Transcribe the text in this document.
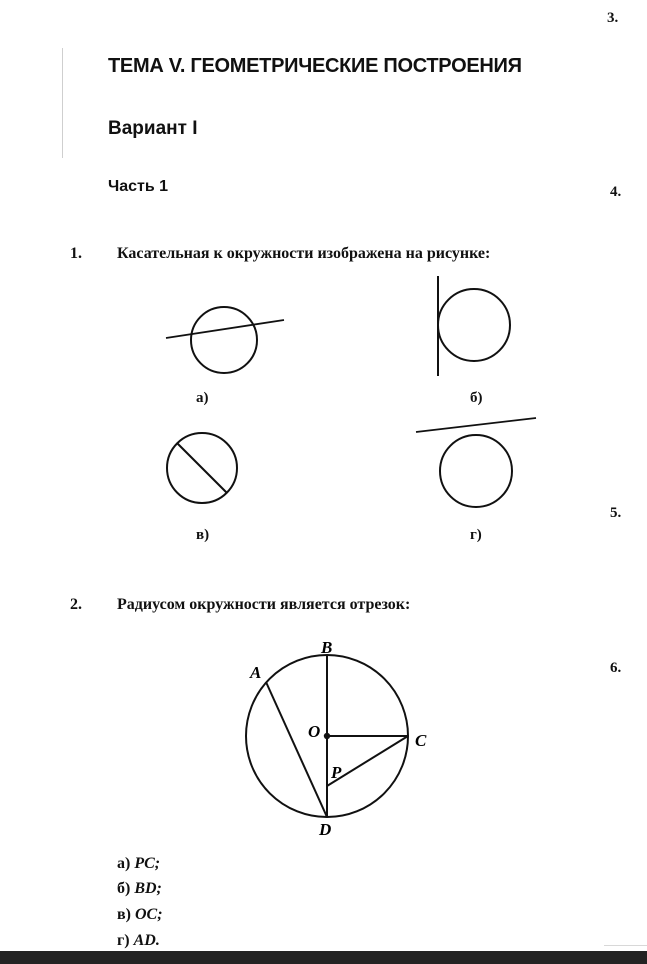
3.
4.
5.
6.
ТЕМА V. ГЕОМЕТРИЧЕСКИЕ ПОСТРОЕНИЯ
Вариант I
Часть 1
1. Касательная к окружности изображена на рисунке:
а)	б)
в)	г)
2. Радиусом окружности является отрезок:
B
A
O	C
P
D
а) PC;
б) BD;
в) OC;
г) AD.
